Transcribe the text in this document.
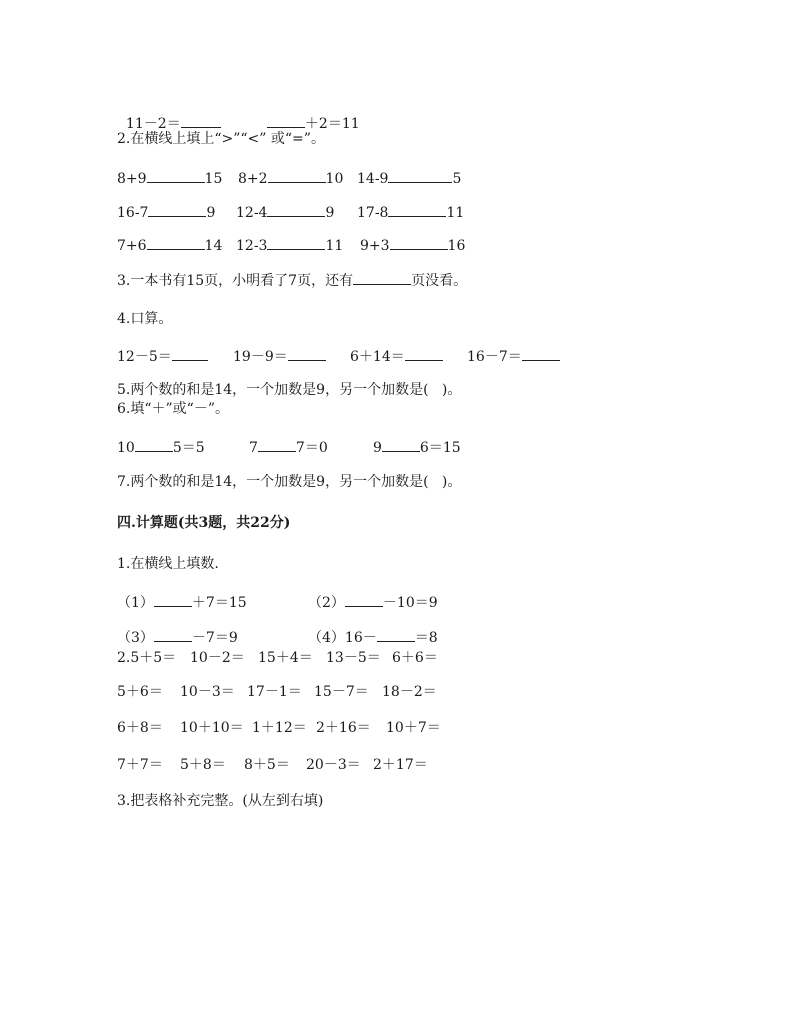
11－2＝	＋2＝11

2.在横线上填上“>”“<” 或“=”。
8+9	15 8+2	10 14-9	5
16-7	9 12-4	9 17-8	11
7+6	14 12-3	11 9+3	16
3.一本书有15页，小明看了7页，还有	页没看。
4.口算。
12－5＝	19－9＝	6＋14＝	16－7＝
5.两个数的和是14，一个加数是9，另一个加数是(   )。
6.填“＋”或“－”。
10	5＝5	7	7＝0	9	6＝15
7.两个数的和是14，一个加数是9，另一个加数是(   )。
四.计算题(共3题，共22分)
1.在横线上填数.
（1）	＋7＝15	（2）	－10＝9
（3）	－7＝9	（4）16－	＝8
2.5＋5＝ 10－2＝ 15＋4＝ 13－5＝ 6＋6＝
5＋6＝ 10－3＝ 17－1＝ 15－7＝ 18－2＝
6＋8＝ 10＋10＝ 1＋12＝ 2＋16＝ 10＋7＝
7＋7＝ 5＋8＝ 8＋5＝ 20－3＝ 2＋17＝
3.把表格补充完整。(从左到右填)
